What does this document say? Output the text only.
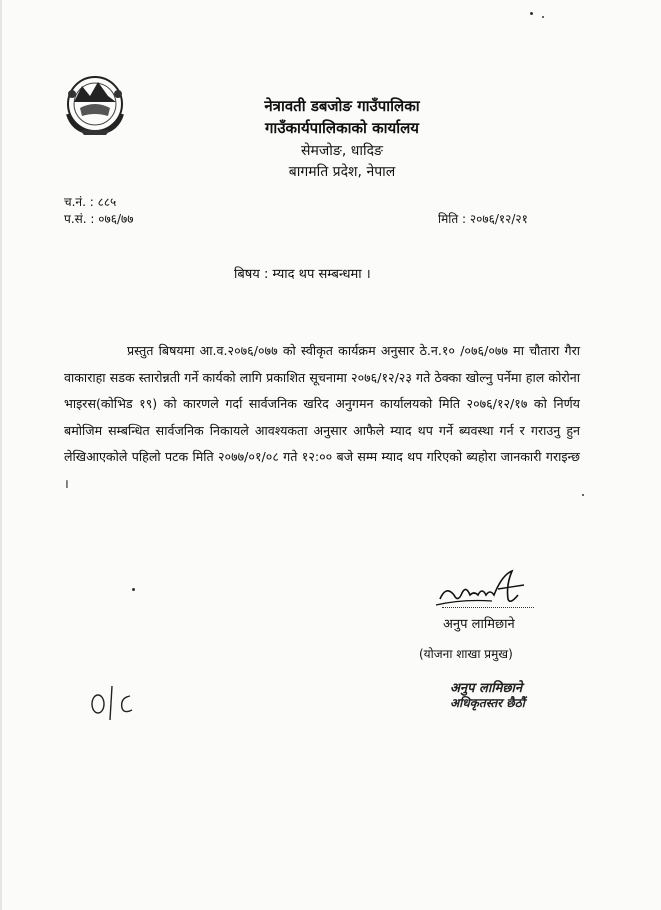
नेत्रावती डबजोङ गाउँपालिका
गाउँकार्यपालिकाको कार्यालय
सेमजोङ, धादिङ
बागमति प्रदेश, नेपाल
च.नं. : ८८५
प.सं. : ०७६/७७	मिति : २०७६/१२/२१
बिषय : म्याद थप सम्बन्धमा ।

प्रस्तुत बिषयमा आ.व.२०७६/०७७ को स्वीकृत कार्यक्रम अनुसार ठे.न.१० /०७६/०७७ मा चौतारा गैरा वाकाराहा सडक स्तारोन्नती गर्ने कार्यको लागि प्रकाशित सूचनामा २०७६/१२/२३ गते ठेक्का खोल्नु पर्नेमा हाल कोरोना भाइरस(कोभिड १९) को कारणले गर्दा सार्वजनिक खरिद अनुगमन कार्यालयको मिति २०७६/१२/१७ को निर्णय बमोजिम सम्बन्धित सार्वजनिक निकायले आवश्यकता अनुसार आफैले म्याद थप गर्ने ब्यवस्था गर्न र गराउनु हुन लेखिआएकोले पहिलो पटक मिति २०७७/०१/०८ गते १२:०० बजे सम्म म्याद थप गरिएको ब्यहोरा जानकारी गराइन्छ ।

अनुप लामिछाने
(योजना शाखा प्रमुख)
अनुप लामिछाने
अधिकृतस्तर छैठौं
